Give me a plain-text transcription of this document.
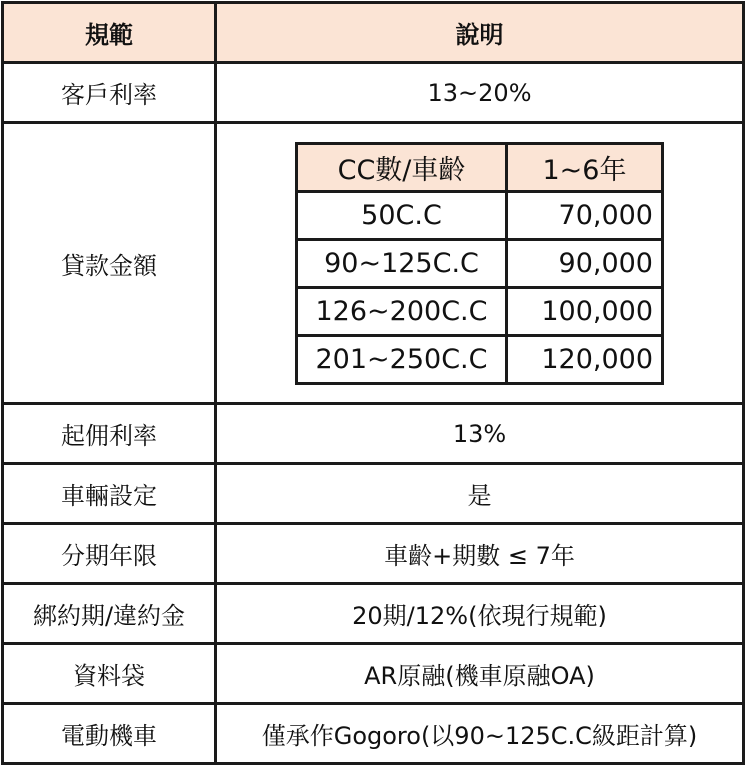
規範	說明
客戶利率	13~20%
貸款金額	
CC數/車齡	1~6年
50C.C	70,000
90~125C.C	90,000
126~200C.C	100,000
201~250C.C	120,000

起佣利率	13%
車輛設定	是
分期年限	車齡+期數 ≤ 7年
綁約期/違約金	20期/12%(依現行規範)
資料袋	AR原融(機車原融OA)
電動機車	僅承作Gogoro(以90~125C.C級距計算)
